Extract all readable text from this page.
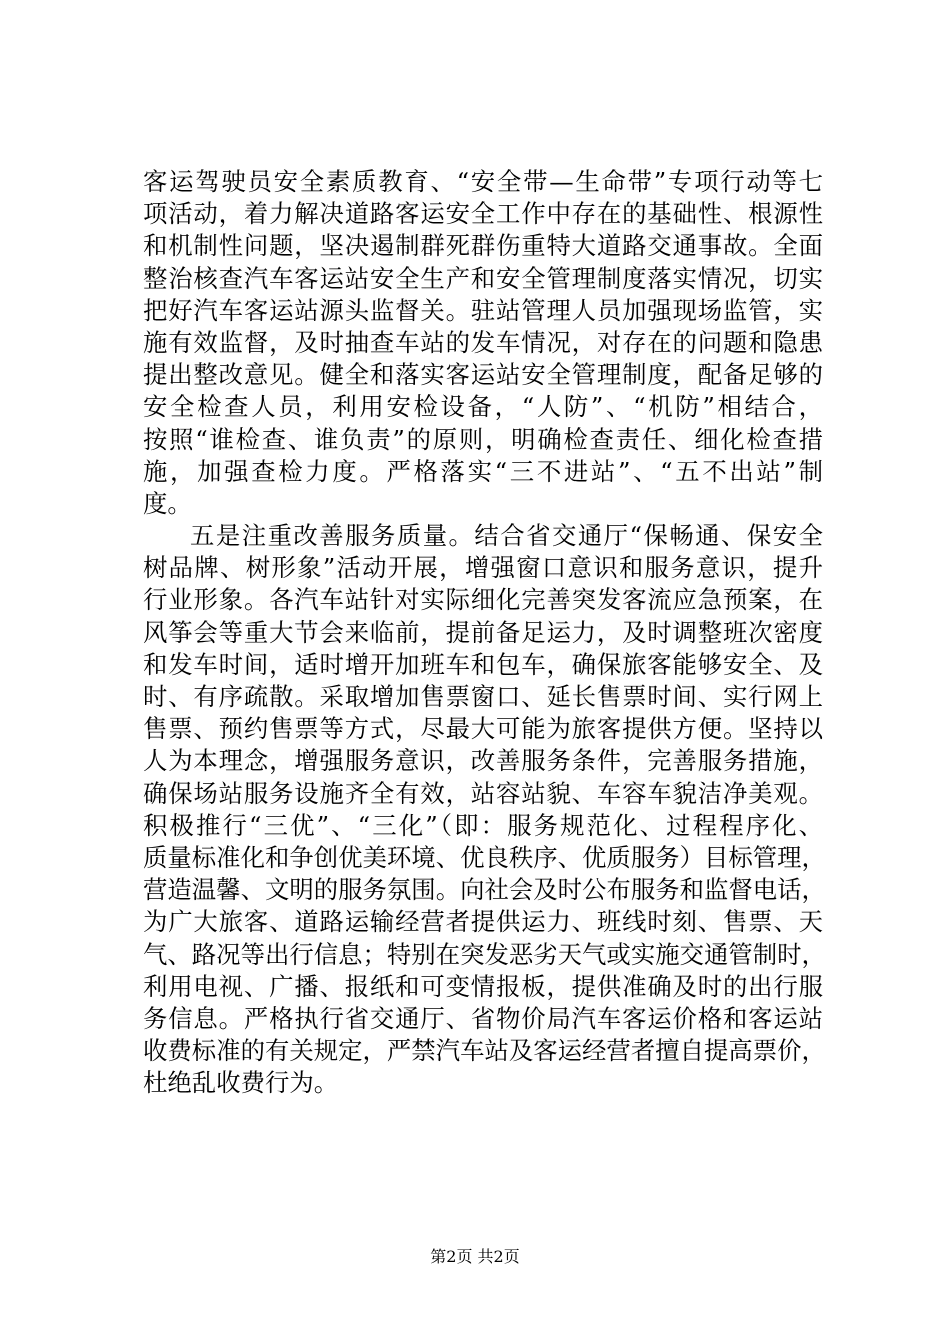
客运驾驶员安全素质教育、“安全带—生命带”专项行动等七
项活动，着力解决道路客运安全工作中存在的基础性、根源性
和机制性问题，坚决遏制群死群伤重特大道路交通事故。全面
整治核查汽车客运站安全生产和安全管理制度落实情况，切实
把好汽车客运站源头监督关。驻站管理人员加强现场监管，实
施有效监督，及时抽查车站的发车情况，对存在的问题和隐患
提出整改意见。健全和落实客运站安全管理制度，配备足够的
安全检查人员，利用安检设备，“人防”、“机防”相结合，
按照“谁检查、谁负责”的原则，明确检查责任、细化检查措
施，加强查检力度。严格落实“三不进站”、“五不出站”制
度。
五是注重改善服务质量。结合省交通厅“保畅通、保安全
树品牌、树形象”活动开展，增强窗口意识和服务意识，提升
行业形象。各汽车站针对实际细化完善突发客流应急预案，在
风筝会等重大节会来临前，提前备足运力，及时调整班次密度
和发车时间，适时增开加班车和包车，确保旅客能够安全、及
时、有序疏散。采取增加售票窗口、延长售票时间、实行网上
售票、预约售票等方式，尽最大可能为旅客提供方便。坚持以
人为本理念，增强服务意识，改善服务条件，完善服务措施，
确保场站服务设施齐全有效，站容站貌、车容车貌洁净美观。
积极推行“三优”、“三化”（即：服务规范化、过程程序化、
质量标准化和争创优美环境、优良秩序、优质服务）目标管理，
营造温馨、文明的服务氛围。向社会及时公布服务和监督电话，
为广大旅客、道路运输经营者提供运力、班线时刻、售票、天
气、路况等出行信息；特别在突发恶劣天气或实施交通管制时，
利用电视、广播、报纸和可变情报板，提供准确及时的出行服
务信息。严格执行省交通厅、省物价局汽车客运价格和客运站
收费标准的有关规定，严禁汽车站及客运经营者擅自提高票价，
杜绝乱收费行为。
第2页 共2页
